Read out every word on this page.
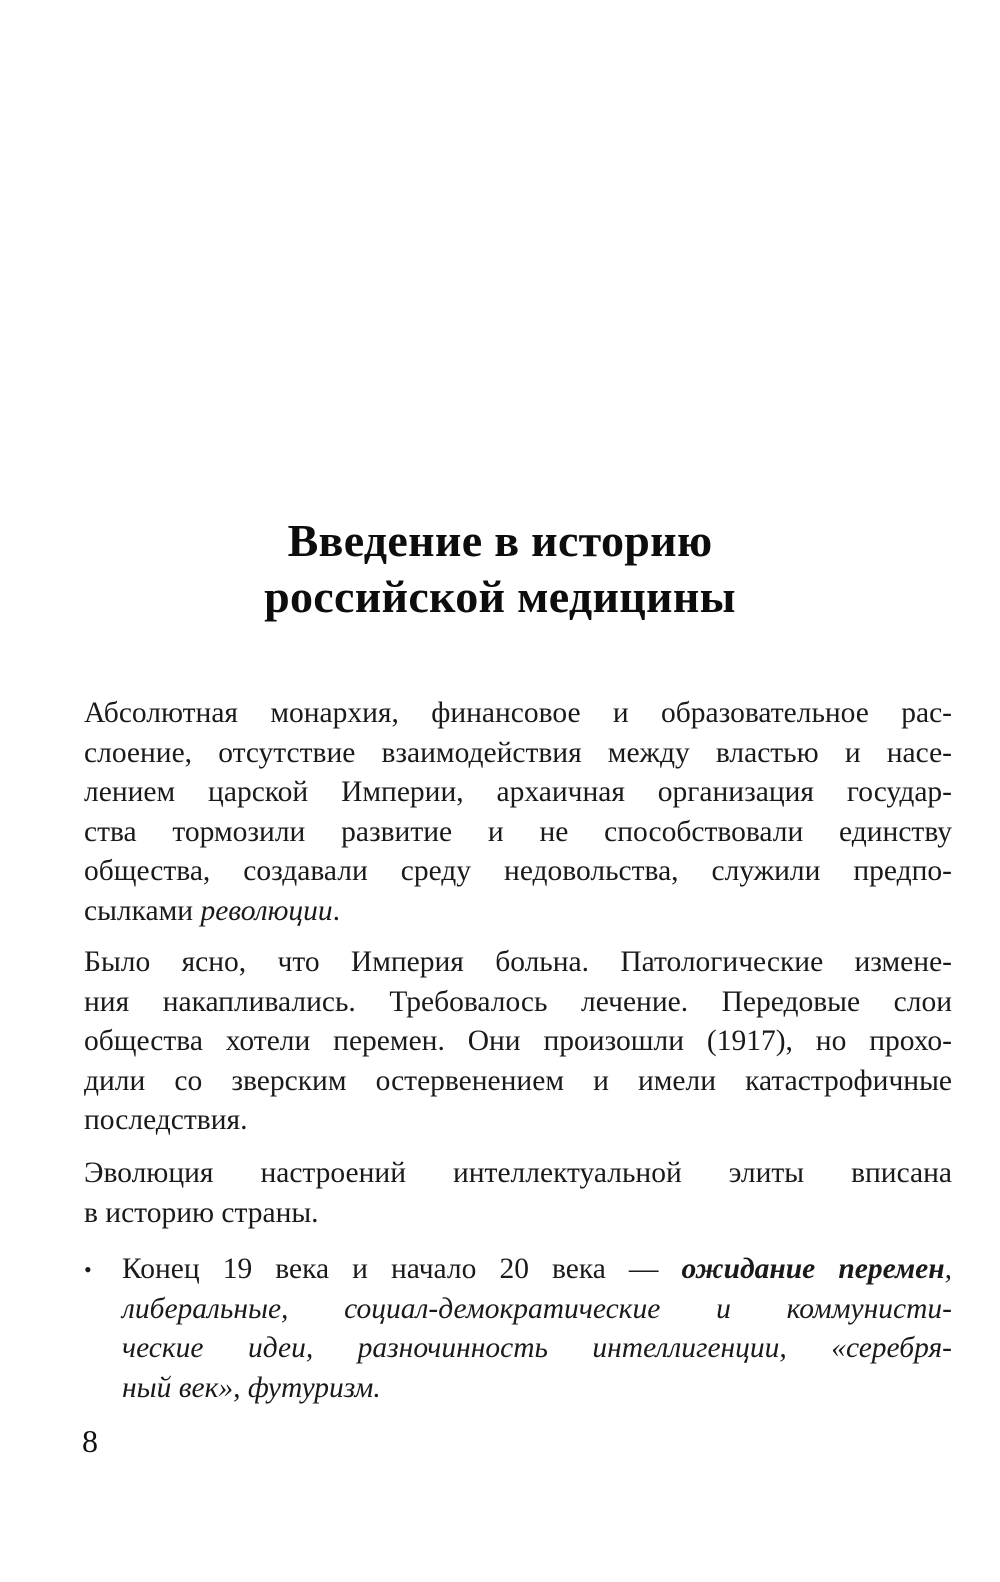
Введение в историю
российской медицины
Абсолютная монархия, финансовое и образовательное рас-
слоение, отсутствие взаимодействия между властью и насе-
лением царской Империи, архаичная организация государ-
ства тормозили развитие и не способствовали единству
общества, создавали среду недовольства, служили предпо-
сылками революции.
Было ясно, что Империя больна. Патологические измене-
ния накапливались. Требовалось лечение. Передовые слои
общества хотели перемен. Они произошли (1917), но прохо-
дили со зверским остервенением и имели катастрофичные
последствия.
Эволюция настроений интеллектуальной элиты вписана
в историю страны.
•	Конец 19 века и начало 20 века — ожидание перемен,
либеральные, социал-демократические и коммунисти-
ческие идеи, разночинность интеллигенции, «серебря-
ный век», футуризм.
8
